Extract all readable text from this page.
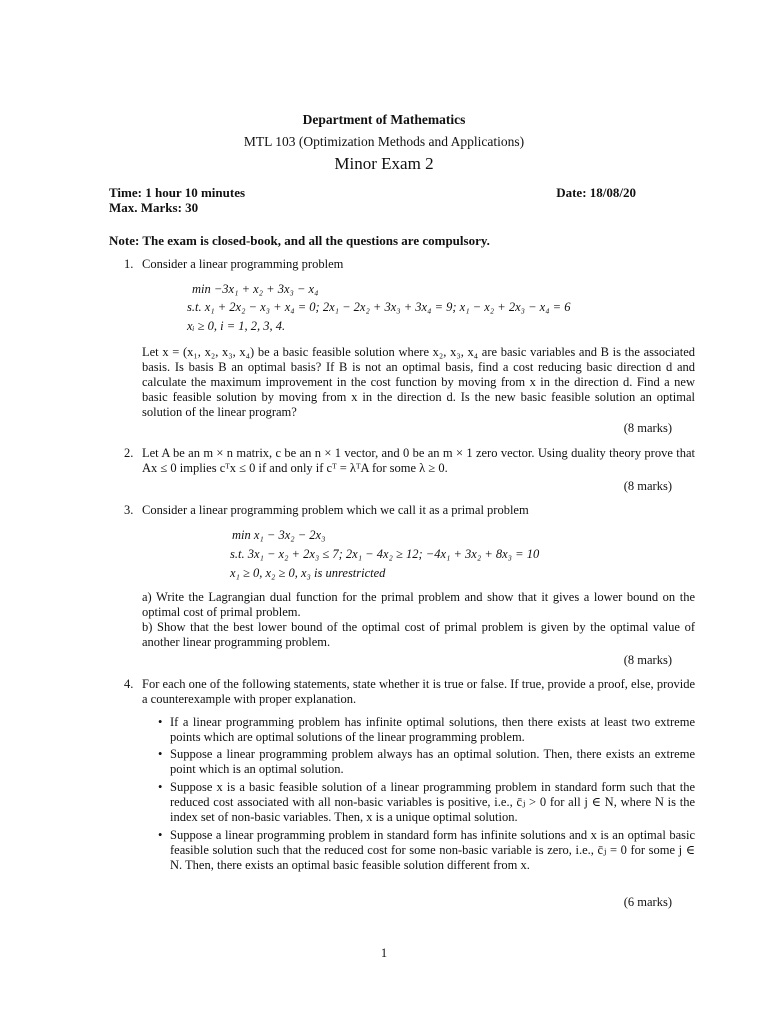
Department of Mathematics
MTL 103 (Optimization Methods and Applications)
Minor Exam 2
Time: 1 hour 10 minutes	Date: 18/08/20
Max. Marks: 30
Note: The exam is closed-book, and all the questions are compulsory.
1. Consider a linear programming problem
min −3x₁ + x₂ + 3x₃ − x₄
s.t. x₁ + 2x₂ − x₃ + x₄ = 0; 2x₁ − 2x₂ + 3x₃ + 3x₄ = 9; x₁ − x₂ + 2x₃ − x₄ = 6
xᵢ ≥ 0, i = 1, 2, 3, 4.
Let x = (x₁, x₂, x₃, x₄) be a basic feasible solution where x₂, x₃, x₄ are basic variables and B is the associated basis. Is basis B an optimal basis? If B is not an optimal basis, find a cost reducing basic direction d and calculate the maximum improvement in the cost function by moving from x in the direction d. Find a new basic feasible solution by moving from x in the direction d. Is the new basic feasible solution an optimal solution of the linear program?
(8 marks)
2. Let A be an m × n matrix, c be an n × 1 vector, and 0 be an m × 1 zero vector. Using duality theory prove that Ax ≤ 0 implies cᵀx ≤ 0 if and only if cᵀ = λᵀA for some λ ≥ 0.
(8 marks)
3. Consider a linear programming problem which we call it as a primal problem
min x₁ − 3x₂ − 2x₃
s.t. 3x₁ − x₂ + 2x₃ ≤ 7; 2x₁ − 4x₂ ≥ 12; −4x₁ + 3x₂ + 8x₃ = 10
x₁ ≥ 0, x₂ ≥ 0, x₃ is unrestricted
a) Write the Lagrangian dual function for the primal problem and show that it gives a lower bound on the optimal cost of primal problem.
b) Show that the best lower bound of the optimal cost of primal problem is given by the optimal value of another linear programming problem.
(8 marks)
4. For each one of the following statements, state whether it is true or false. If true, provide a proof, else, provide a counterexample with proper explanation.
• If a linear programming problem has infinite optimal solutions, then there exists at least two extreme points which are optimal solutions of the linear programming problem.
• Suppose a linear programming problem always has an optimal solution. Then, there exists an extreme point which is an optimal solution.
• Suppose x is a basic feasible solution of a linear programming problem in standard form such that the reduced cost associated with all non-basic variables is positive, i.e., c̄ⱼ > 0 for all j ∈ N, where N is the index set of non-basic variables. Then, x is a unique optimal solution.
• Suppose a linear programming problem in standard form has infinite solutions and x is an optimal basic feasible solution such that the reduced cost for some non-basic variable is zero, i.e., c̄ⱼ = 0 for some j ∈ N. Then, there exists an optimal basic feasible solution different from x.
(6 marks)
1
